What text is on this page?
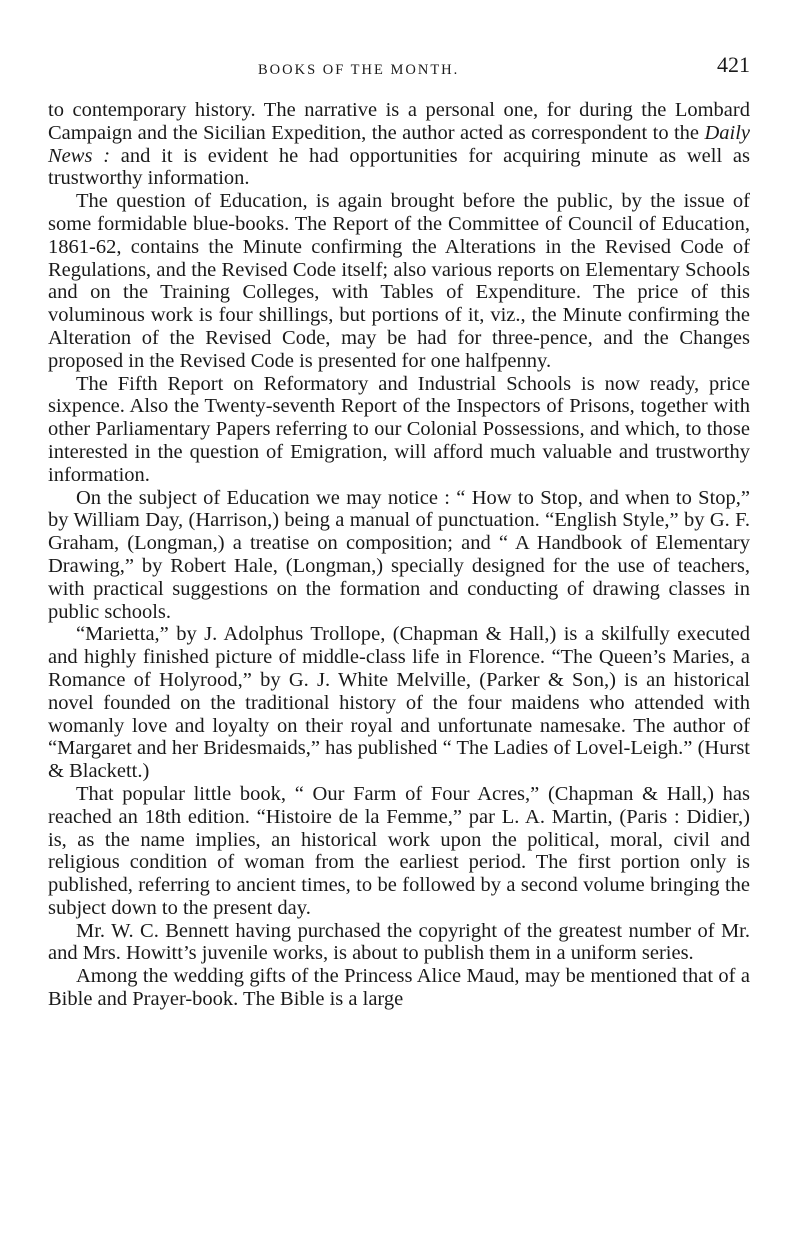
BOOKS OF THE MONTH.	421

to contemporary history. The narrative is a personal one, for during the Lombard Campaign and the Sicilian Expedition, the author acted as correspondent to the Daily News : and it is evident he had opportunities for acquiring minute as well as trustworthy information.

The question of Education, is again brought before the public, by the issue of some formidable blue-books. The Report of the Committee of Council of Education, 1861-62, contains the Minute confirming the Alterations in the Revised Code of Regulations, and the Revised Code itself; also various reports on Elementary Schools and on the Training Colleges, with Tables of Expenditure. The price of this voluminous work is four shillings, but portions of it, viz., the Minute confirming the Alteration of the Revised Code, may be had for three-pence, and the Changes proposed in the Revised Code is presented for one halfpenny.

The Fifth Report on Reformatory and Industrial Schools is now ready, price sixpence. Also the Twenty-seventh Report of the Inspectors of Prisons, together with other Parliamentary Papers referring to our Colonial Possessions, and which, to those interested in the question of Emigration, will afford much valuable and trustworthy information.

On the subject of Education we may notice : “ How to Stop, and when to Stop,” by William Day, (Harrison,) being a manual of punctuation. “English Style,” by G. F. Graham, (Longman,) a treatise on composition; and “ A Handbook of Elementary Drawing,” by Robert Hale, (Longman,) specially designed for the use of teachers, with practical suggestions on the formation and conducting of drawing classes in public schools.

“Marietta,” by J. Adolphus Trollope, (Chapman & Hall,) is a skilfully executed and highly finished picture of middle-class life in Florence. “The Queen’s Maries, a Romance of Holyrood,” by G. J. White Melville, (Parker & Son,) is an historical novel founded on the traditional history of the four maidens who attended with womanly love and loyalty on their royal and unfortunate namesake. The author of “Margaret and her Bridesmaids,” has published “ The Ladies of Lovel-Leigh.” (Hurst & Blackett.)

That popular little book, “ Our Farm of Four Acres,” (Chapman & Hall,) has reached an 18th edition. “Histoire de la Femme,” par L. A. Martin, (Paris : Didier,) is, as the name implies, an historical work upon the political, moral, civil and religious condition of woman from the earliest period. The first portion only is published, referring to ancient times, to be followed by a second volume bringing the subject down to the present day.

Mr. W. C. Bennett having purchased the copyright of the greatest number of Mr. and Mrs. Howitt’s juvenile works, is about to publish them in a uniform series.

Among the wedding gifts of the Princess Alice Maud, may be mentioned that of a Bible and Prayer-book. The Bible is a large
